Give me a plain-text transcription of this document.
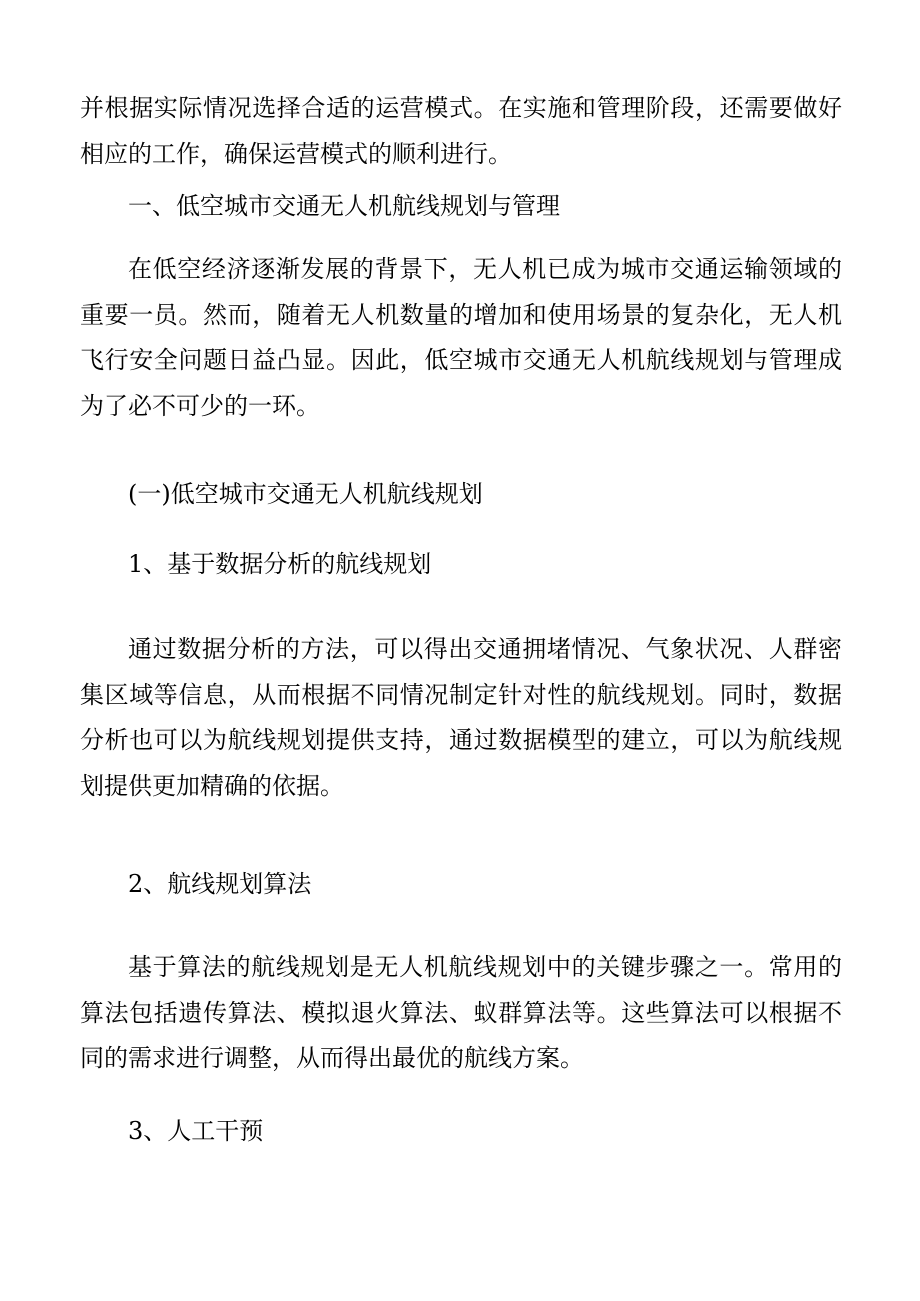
并根据实际情况选择合适的运营模式。在实施和管理阶段，还需要做好相应的工作，确保运营模式的顺利进行。

一、低空城市交通无人机航线规划与管理

在低空经济逐渐发展的背景下，无人机已成为城市交通运输领域的重要一员。然而，随着无人机数量的增加和使用场景的复杂化，无人机飞行安全问题日益凸显。因此，低空城市交通无人机航线规划与管理成为了必不可少的一环。

(一)低空城市交通无人机航线规划

1、基于数据分析的航线规划

通过数据分析的方法，可以得出交通拥堵情况、气象状况、人群密集区域等信息，从而根据不同情况制定针对性的航线规划。同时，数据分析也可以为航线规划提供支持，通过数据模型的建立，可以为航线规划提供更加精确的依据。

2、航线规划算法

基于算法的航线规划是无人机航线规划中的关键步骤之一。常用的算法包括遗传算法、模拟退火算法、蚁群算法等。这些算法可以根据不同的需求进行调整，从而得出最优的航线方案。

3、人工干预
